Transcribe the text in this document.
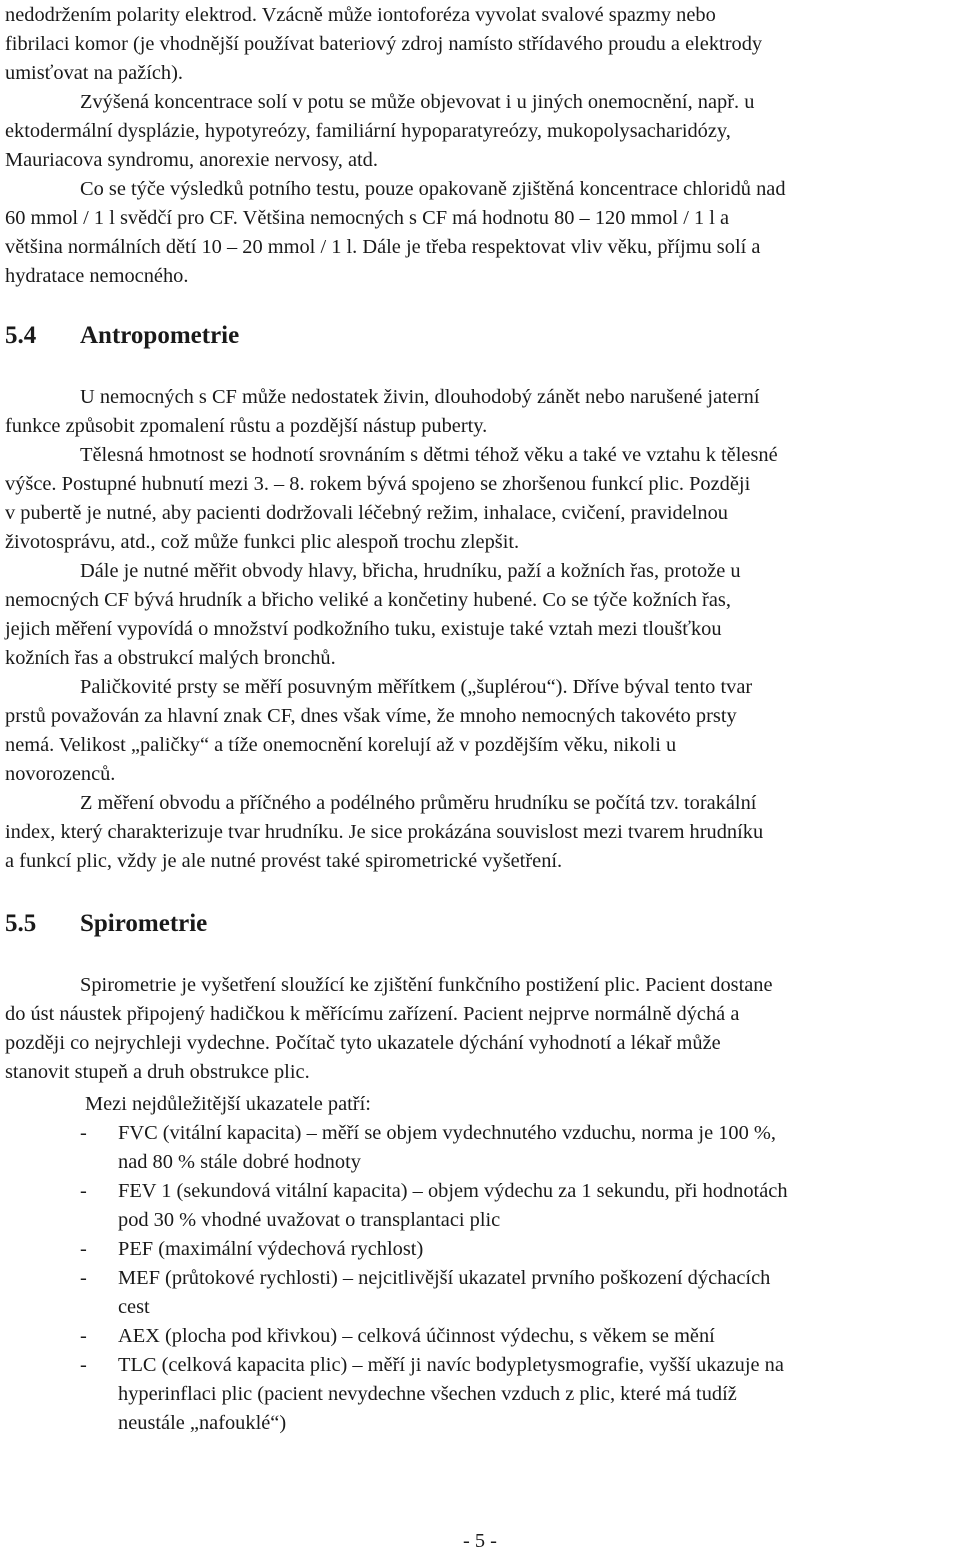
nedodržením polarity elektrod. Vzácně může iontoforéza vyvolat svalové spazmy nebo

fibrilaci komor (je vhodnější používat bateriový zdroj namísto střídavého proudu a elektrody

umisťovat na pažích).

Zvýšená koncentrace solí v potu se může objevovat i u jiných onemocnění, např. u

ektodermální dysplázie, hypotyreózy, familiární hypoparatyreózy, mukopolysacharidózy,

Mauriacova syndromu, anorexie nervosy, atd.

Co se týče výsledků potního testu, pouze opakovaně zjištěná koncentrace chloridů nad

60 mmol / 1 l svědčí pro CF. Většina nemocných s CF má hodnotu 80 – 120 mmol / 1 l a

většina normálních dětí 10 – 20 mmol / 1 l. Dále je třeba respektovat vliv věku, příjmu solí a

hydratace nemocného.

5.4 Antropometrie

U nemocných s CF může nedostatek živin, dlouhodobý zánět nebo narušené jaterní

funkce způsobit zpomalení růstu a pozdější nástup puberty.

Tělesná hmotnost se hodnotí srovnáním s dětmi téhož věku a také ve vztahu k tělesné

výšce. Postupné hubnutí mezi 3. – 8. rokem bývá spojeno se zhoršenou funkcí plic. Později

v pubertě je nutné, aby pacienti dodržovali léčebný režim, inhalace, cvičení, pravidelnou

životosprávu, atd., což může funkci plic alespoň trochu zlepšit.

Dále je nutné měřit obvody hlavy, břicha, hrudníku, paží a kožních řas, protože u

nemocných CF bývá hrudník a břicho veliké a končetiny hubené. Co se týče kožních řas,

jejich měření vypovídá o množství podkožního tuku, existuje také vztah mezi tloušťkou

kožních řas a obstrukcí malých bronchů.

Paličkovité prsty se měří posuvným měřítkem („šuplérou“). Dříve býval tento tvar

prstů považován za hlavní znak CF, dnes však víme, že mnoho nemocných takovéto prsty

nemá. Velikost „paličky“ a tíže onemocnění korelují až v pozdějším věku, nikoli u

novorozenců.

Z měření obvodu a příčného a podélného průměru hrudníku se počítá tzv. torakální

index, který charakterizuje tvar hrudníku. Je sice prokázána souvislost mezi tvarem hrudníku

a funkcí plic, vždy je ale nutné provést také spirometrické vyšetření.

5.5 Spirometrie

Spirometrie je vyšetření sloužící ke zjištění funkčního postižení plic. Pacient dostane

do úst náustek připojený hadičkou k měřícímu zařízení. Pacient nejprve normálně dýchá a

později co nejrychleji vydechne. Počítač tyto ukazatele dýchání vyhodnotí a lékař může

stanovit stupeň a druh obstrukce plic.

Mezi nejdůležitější ukazatele patří:

- FVC (vitální kapacita) – měří se objem vydechnutého vzduchu, norma je 100 %,

nad 80 % stále dobré hodnoty

- FEV 1 (sekundová vitální kapacita) – objem výdechu za 1 sekundu, při hodnotách

pod 30 % vhodné uvažovat o transplantaci plic

- PEF (maximální výdechová rychlost)

- MEF (průtokové rychlosti) – nejcitlivější ukazatel prvního poškození dýchacích

cest

- AEX (plocha pod křivkou) – celková účinnost výdechu, s věkem se mění

- TLC (celková kapacita plic) – měří ji navíc bodypletysmografie, vyšší ukazuje na

hyperinflaci plic (pacient nevydechne všechen vzduch z plic, které má tudíž

neustále „nafouklé“)

- 5 -
